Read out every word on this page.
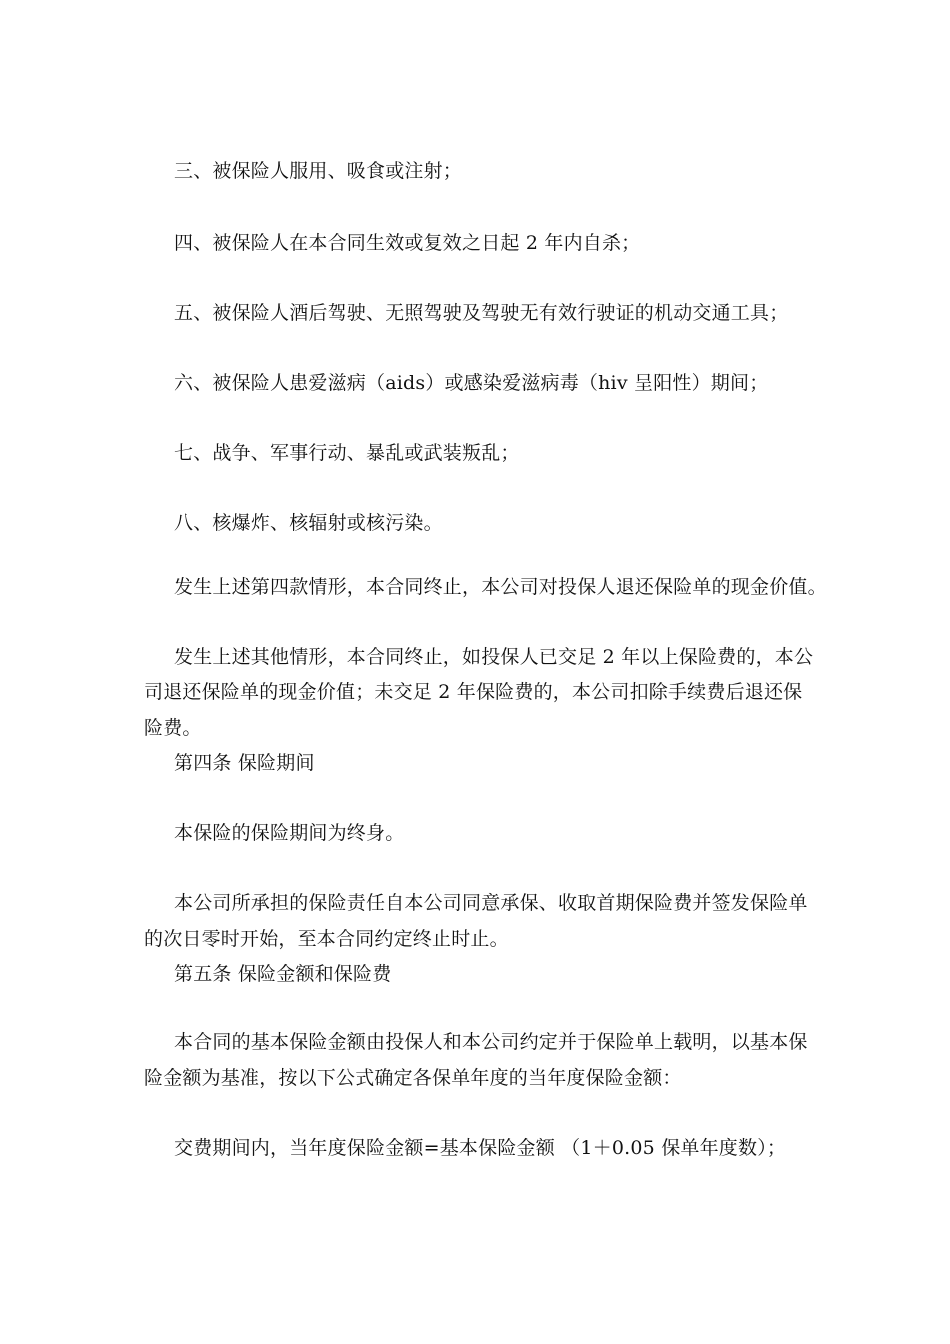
三、被保险人服用、吸食或注射；
四、被保险人在本合同生效或复效之日起 2 年内自杀；
五、被保险人酒后驾驶、无照驾驶及驾驶无有效行驶证的机动交通工具；
六、被保险人患爱滋病（aids）或感染爱滋病毒（hiv 呈阳性）期间；
七、战争、军事行动、暴乱或武装叛乱；
八、核爆炸、核辐射或核污染。
发生上述第四款情形，本合同终止，本公司对投保人退还保险单的现金价值。
发生上述其他情形，本合同终止，如投保人已交足 2 年以上保险费的，本公
司退还保险单的现金价值；未交足 2 年保险费的，本公司扣除手续费后退还保
险费。
第四条 保险期间
本保险的保险期间为终身。
本公司所承担的保险责任自本公司同意承保、收取首期保险费并签发保险单
的次日零时开始，至本合同约定终止时止。
第五条 保险金额和保险费
本合同的基本保险金额由投保人和本公司约定并于保险单上载明，以基本保
险金额为基准，按以下公式确定各保单年度的当年度保险金额：
交费期间内，当年度保险金额=基本保险金额 （1＋0.05 保单年度数）；
